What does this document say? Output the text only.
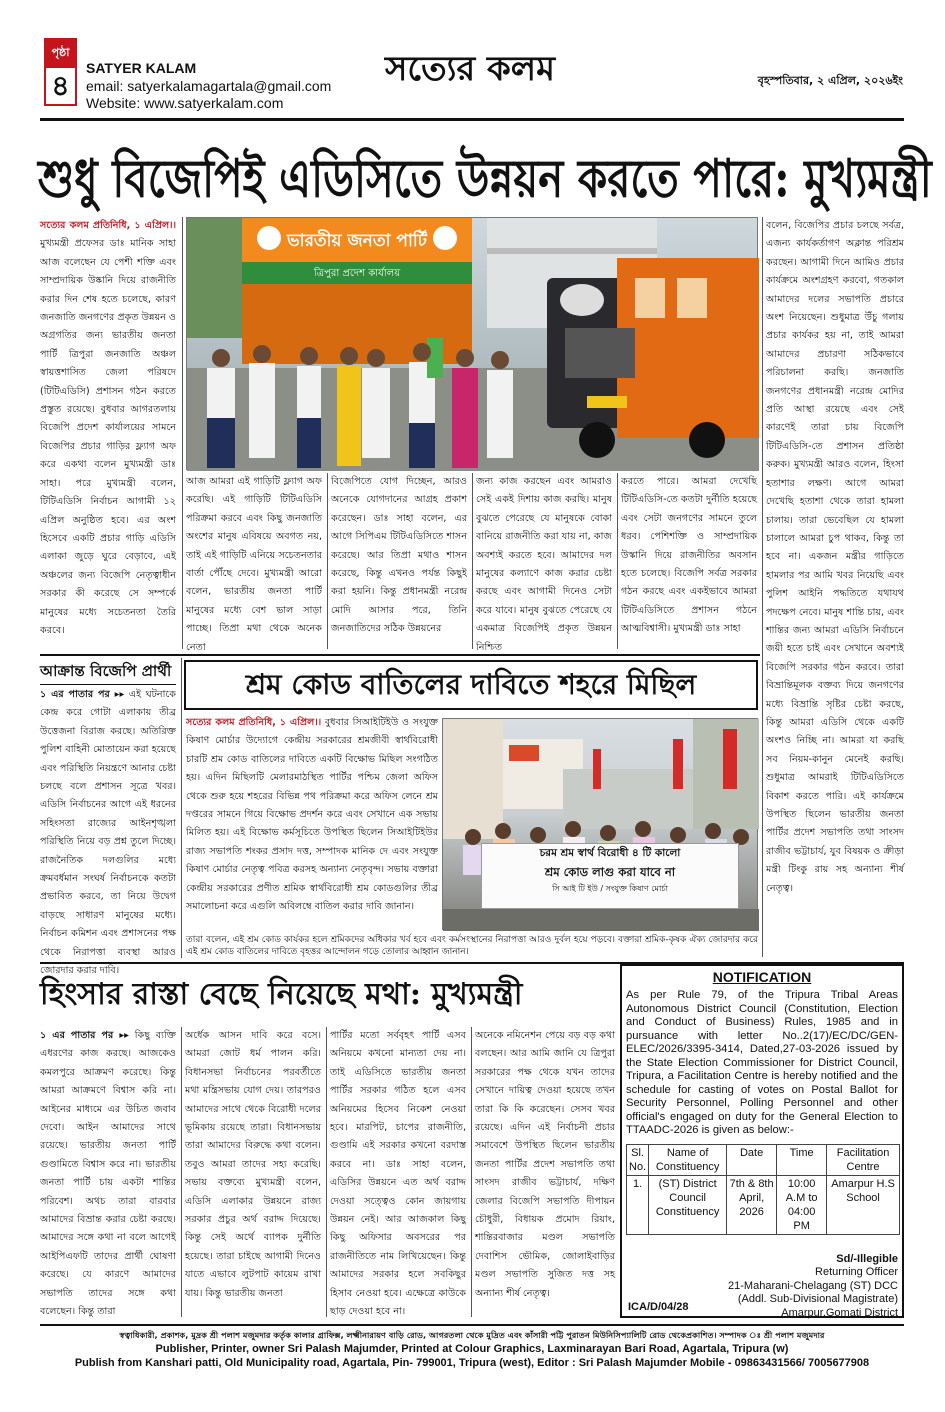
পৃষ্ঠা
৪
SATYER KALAM
email: satyerkalamagartala@gmail.com
Website: www.satyerkalam.com
সত্যের কলম	বৃহস্পতিবার, ২ এপ্রিল, ২০২৬ইং
শুধু বিজেপিই এডিসিতে উন্নয়ন করতে পারে: মুখ্যমন্ত্রী
সত্যের কলম প্রতিনিধি, ১ এপ্রিল।। মুখ্যমন্ত্রী প্রফেসর ডাঃ মানিক সাহা আজ বলেছেন যে পেশী শক্তি এবং সাম্প্রদায়িক উষ্কানি দিয়ে রাজনীতি করার দিন শেষ হতে চলেছে, কারণ জনজাতি জনগণের প্রকৃত উন্নয়ন ও অগ্রগতির জন্য ভারতীয় জনতা পার্টি ত্রিপুরা জনজাতি অঞ্চল স্বায়ত্তশাসিত জেলা পরিষদে (টিটিএডিসি) প্রশাসন গঠন করতে প্রস্তুত রয়েছে। বুধবার আগরতলায় বিজেপি প্রদেশ কার্যালয়ের সামনে বিজেপির প্রচার গাড়ির ফ্ল্যাগ অফ করে একথা বলেন মুখ্যমন্ত্রী ডাঃ সাহা। পরে মুখ্যমন্ত্রী বলেন, টিটিএডিসি নির্বাচন আগামী ১২ এপ্রিল অনুষ্ঠিত হবে। এর অংশ হিসেবে একটি প্রচার গাড়ি এডিসি এলাকা জুড়ে ঘুরে বেড়াবে, এই অঞ্চলের জন্য বিজেপি নেতৃত্বাধীন সরকার কী করেছে সে সম্পর্কে মানুষের মধ্যে সচেতনতা তৈরি করবে।
ভারতীয় জনতা পার্টি
ত্রিপুরা প্রদেশ কার্যালয়
আজ আমরা এই গাড়িটি ফ্ল্যাগ অফ করেছি। এই গাড়িটি টিটিএডিসি পরিক্রমা করবে এবং কিছু জনজাতি অংশের মানুষ এবিষয়ে অবগত নয়, তাই এই গাড়িটি এনিয়ে সচেতনতার বার্তা পৌঁছে দেবে। মুখ্যমন্ত্রী আরো বলেন, ভারতীয় জনতা পার্টি মানুষের মধ্যে বেশ ভাল সাড়া পাচ্ছে। তিপ্রা মথা থেকে অনেক নেতা
বিজেপিতে যোগ দিচ্ছেন, আরও অনেকে যোগদানের আগ্রহ প্রকাশ করেছেন। ডাঃ সাহা বলেন, এর আগে সিপিএম টিটিএডিসিতে শাসন করেছে। আর তিপ্রা মথাও শাসন করেছে, কিন্তু এখনও পর্যন্ত কিছুই করা হয়নি। কিন্তু প্রধানমন্ত্রী নরেন্দ্র মোদি আসার পরে, তিনি জনজাতিদের সঠিক উন্নয়নের
জন্য কাজ করছেন এবং আমরাও সেই একই দিশায় কাজ করছি। মানুষ বুঝতে পেরেছে যে মানুষকে বোকা বানিয়ে রাজনীতি করা যায় না, কাজ অবশ্যই করতে হবে। আমাদের দল মানুষের কল্যাণে কাজ করার চেষ্টা করছে এবং আগামী দিনেও সেটা করে যাবে। মানুষ বুঝতে পেরেছে যে একমাত্র বিজেপিই প্রকৃত উন্নয়ন নিশ্চিত
করতে পারে। আমরা দেখেছি টিটিএডিসি-তে কতটা দুর্নীতি হয়েছে এবং সেটা জনগণের সামনে তুলে ধরব। পেশিশক্তি ও সাম্প্রদায়িক উস্কানি দিয়ে রাজনীতির অবসান হতে চলেছে। বিজেপি সর্বত্র সরকার গঠন করছে এবং একইভাবে আমরা টিটিএডিসিতে প্রশাসন গঠনে আত্মবিশ্বাসী। মুখ্যমন্ত্রী ডাঃ সাহা
বলেন, বিজেপির প্রচার চলছে সর্বত্র, এজন্য কার্যকর্তাগণ অক্লান্ত পরিশ্রম করছেন। আগামী দিনে আমিও প্রচার কার্যক্রমে অংশগ্রহণ করবো, গতকাল আমাদের দলের সভাপতি প্রচারে অংশ নিয়েছেন। শুধুমাত্র উঁচু গলায় প্রচার কার্যকর হয় না, তাই আমরা আমাদের প্রচারণা সঠিকভাবে পরিচালনা করছি। জনজাতি জনগণের প্রধানমন্ত্রী নরেন্দ্র মোদির প্রতি আস্থা রয়েছে এবং সেই কারণেই তারা চায় বিজেপি টিটিএডিসি-তে প্রশাসন প্রতিষ্ঠা করুক। মুখ্যমন্ত্রী আরও বলেন, হিংসা হতাশার লক্ষণ। আগে আমরা দেখেছি হতাশা থেকে তারা হামলা চালায়। তারা ভেবেছিল যে হামলা চালালে আমরা চুপ থাকব, কিন্তু তা হবে না। একজন মন্ত্রীর গাড়িতে হামলার পর আমি খবর নিয়েছি এবং পুলিশ আইনি পদ্ধতিতে যথাযথ পদক্ষেপ নেবে। মানুষ শান্তি চায়, এবং শান্তির জন্য আমরা এডিসি নির্বাচনে জয়ী হতে চাই এবং সেখানে অবশ্যই বিজেপি সরকার গঠন করবে। তারা বিভ্রান্তিমূলক বক্তব্য দিয়ে জনগণের মধ্যে বিভ্রান্তি সৃষ্টির চেষ্টা করছে, কিন্তু আমরা এডিসি থেকে একটি অংশও নিচ্ছি না। আমরা যা করছি সব নিয়ম-কানুন মেনেই করছি। শুধুমাত্র আমরাই টিটিএডিসিতে বিকাশ করতে পারি। এই কার্যক্রমে উপস্থিত ছিলেন ভারতীয় জনতা পার্টির প্রদেশ সভাপতি তথা সাংসদ রাজীব ভট্টাচার্য, যুব বিষয়ক ও ক্রীড়া মন্ত্রী টিংকু রায় সহ অন্যান্য শীর্ষ নেতৃত্ব।
আক্রান্ত বিজেপি প্রার্থী
১ এর পাতার পর ▸▸ এই ঘটনাকে কেন্দ্র করে গোটা এলাকায় তীব্র উত্তেজনা বিরাজ করছে। অতিরিক্ত পুলিশ বাহিনী মোতায়েন করা হয়েছে এবং পরিস্থিতি নিয়ন্ত্রণে আনার চেষ্টা চলছে বলে প্রশাসন সূত্রে খবর। এডিসি নির্বাচনের আগে এই ধরনের সহিংসতা রাজ্যের আইনশৃঙ্খলা পরিস্থিতি নিয়ে বড় প্রশ্ন তুলে দিচ্ছে। রাজনৈতিক দলগুলির মধ্যে ক্রমবর্ধমান সংঘর্ষ নির্বাচনকে কতটা প্রভাবিত করবে, তা নিয়ে উদ্বেগ বাড়ছে সাধারণ মানুষের মধ্যে। নির্বাচন কমিশন এবং প্রশাসনের পক্ষ থেকে নিরাপত্তা ব্যবস্থা আরও জোরদার করার দাবি।
শ্রম কোড বাতিলের দাবিতে শহরে মিছিল
সত্যের কলম প্রতিনিধি, ১ এপ্রিল।। বুধবার সিআইটিইউ ও সংযুক্ত কিষাণ মোর্চার উদ্যোগে কেন্দ্রীয় সরকারের শ্রমজীবী স্বার্থবিরোধী চারটি শ্রম কোড বাতিলের দাবিতে একটি বিক্ষোভ মিছিল সংগঠিত হয়। এদিন মিছিলটি মেলারমাঠস্থিত পার্টির পশ্চিম জেলা অফিস থেকে শুরু হয়ে শহরের বিভিন্ন পথ পরিক্রমা করে অফিস লেনে শ্রম দপ্তরের সামনে গিয়ে বিক্ষোভ প্রদর্শন করে এবং সেখানে এক সভায় মিলিত হয়। এই বিক্ষোভ কর্মসূচিতে উপস্থিত ছিলেন সিআইটিইউর রাজ্য সভাপতি শংকর প্রসাদ দত্ত, সম্পাদক মানিক দে এবং সংযুক্ত কিষাণ মোর্চার নেতৃত্ব পবিত্র করসহ অন্যান্য নেতৃবৃন্দ। সভায় বক্তারা কেন্দ্রীয় সরকারের প্রণীত শ্রমিক স্বার্থবিরোধী শ্রম কোডগুলির তীব্র সমালোচনা করে এগুলি অবিলম্বে বাতিল করার দাবি জানান।
চরম শ্রম স্বার্থ বিরোধী ৪ টি কালো
শ্রম কোড লাগু করা যাবে না
সি আই টি ইউ / সংযুক্ত কিষাণ মোর্চা
তারা বলেন, এই শ্রম কোড কার্যকর হলে শ্রমিকদের অধিকার খর্ব হবে এবং কর্মসংস্থানের নিরাপত্তা আরও দুর্বল হয়ে পড়বে। বক্তারা শ্রমিক-কৃষক ঐক্য জোরদার করে এই শ্রম কোড বাতিলের দাবিতে বৃহত্তর আন্দোলন গড়ে তোলার আহ্বান জানান।
হিংসার রাস্তা বেছে নিয়েছে মথা: মুখ্যমন্ত্রী
১ এর পাতার পর ▸▸ কিছু ব্যক্তি এধরণের কাজ করছে। আজকেও কমলপুরে আক্রমণ করেছে। কিন্তু আমরা আক্রমণে বিশ্বাস করি না। আইনের মাধ্যমে এর উচিত জবাব দেবো। আইন আমাদের সাথে রয়েছে। ভারতীয় জনতা পার্টি গুণ্ডামিতে বিশ্বাস করে না। ভারতীয় জনতা পার্টি চায় একটা শান্তির পরিবেশ। অথচ তারা বারবার আমাদের বিভ্রান্ত করার চেষ্টা করছে। আমাদের সঙ্গে কথা না বলে আগেই আইপিএফটি তাদের প্রার্থী ঘোষণা করেছে। যে কারণে আমাদের সভাপতি তাদের সঙ্গে কথা বলেছেন। কিন্তু তারা
অর্ধেক আসন দাবি করে বসে। আমরা জোট ধর্ম পালন করি। বিধানসভা নির্বাচনের পরবর্তীতে মথা মন্ত্রিসভায় যোগ দেয়। তারপরও আমাদের সাথে থেকে বিরোধী দলের ভূমিকায় রয়েছে তারা। বিধানসভায় তারা আমাদের বিরুদ্ধে কথা বলেন। তবুও আমরা তাদের সহ্য করেছি। সভায় বক্তব্যে মুখ্যমন্ত্রী বলেন, এডিসি এলাকার উন্নয়নে রাজ্য সরকার প্রচুর অর্থ বরাদ্দ দিয়েছে। কিন্তু সেই অর্থে ব্যাপক দুর্নীতি হয়েছে। তারা চাইছে আগামী দিনেও যাতে এভাবে লুটপাট কায়েম রাখা যায়। কিন্তু ভারতীয় জনতা
পার্টির মতো সর্ববৃহৎ পার্টি এসব অনিয়মে কখনো মান্যতা দেয় না। তাই এডিসিতে ভারতীয় জনতা পার্টির সরকার গঠিত হলে এসব অনিয়মের হিসেব নিকেশ নেওয়া হবে। মারপিট, চাপের রাজনীতি, গুণ্ডামি এই সরকার কখনো বরদাস্ত করবে না। ডাঃ সাহা বলেন, এডিসির উন্নয়নে এত অর্থ বরাদ্দ দেওয়া সত্ত্বেও কোন জায়গায় উন্নয়ন নেই। আর আজকাল কিছু কিছু অফিসার অবসরের পর রাজনীতিতে নাম লিখিয়েছেন। কিন্তু আমাদের সরকার হলে সবকিছুর হিসাব নেওয়া হবে। এক্ষেত্রে কাউকে ছাড় দেওয়া হবে না।
অনেকে নমিনেশন পেয়ে বড় বড় কথা বলছেন। আর আমি জানি যে ত্রিপুরা সরকারের পক্ষ থেকে যখন তাদের সেখানে দায়িত্ব দেওয়া হয়েছে তখন তারা কি কি করেছেন। সেসব খবর রয়েছে। এদিন এই নির্বাচনী প্রচার সমাবেশে উপস্থিত ছিলেন ভারতীয় জনতা পার্টির প্রদেশ সভাপতি তথা সাংসদ রাজীব ভট্টাচার্য, দক্ষিণ জেলার বিজেপি সভাপতি দীপায়ন চৌধুরী, বিধায়ক প্রমোদ রিয়াং, শান্তিরবাজার মণ্ডল সভাপতি দেবাশিস ভৌমিক, জোলাইবাড়ির মণ্ডল সভাপতি সুজিত দত্ত সহ অন্যান্য শীর্ষ নেতৃত্ব।
NOTIFICATION
As per Rule 79, of the Tripura Tribal Areas Autonomous District Council (Constitution, Election and Conduct of Business) Rules, 1985 and in pursuance with letter No..2(17)/EC/DC/GEN-ELEC/2026/3395-3414, Dated,27-03-2026 issued by the State Election Commissioner for District Council, Tripura, a Facilitation Centre is hereby notified and the schedule for casting of votes on Postal Ballot for Security Personnel, Polling Personnel and other official's engaged on duty for the General Election to TTAADC-2026 is given as below:-
Sl. No.	Name of Constituency	Date	Time	Facilitation Centre
1.	(ST) District Council Constituency	7th & 8th April, 2026	10:00 A.M to 04:00 PM	Amarpur H.S School
Sd/-Illegible
Returning Officer
21-Maharani-Chelagang (ST) DCC
(Addl. Sub-Divisional Magistrate)
Amarpur,Gomati District
ICA/D/04/28
স্বত্বাধিকারী, প্রকাশক, মুদ্রক শ্রী পলাশ মজুমদার কর্তৃক কালার গ্রাফিক্স, লক্ষ্মীনারায়ণ বাড়ি রোড, আগরতলা থেকে মুদ্রিত এবং কাঁসারী পট্টি পুরাতন মিউনিসিপ্যালিটি রোড থেকেপ্রকাশিত। সম্পাদক ঃ শ্রী পলাশ মজুমদার
Publisher, Printer, owner Sri Palash Majumder, Printed at Colour Graphics, Laxminarayan Bari Road, Agartala, Tripura (w)
Publish from Kanshari patti, Old Municipality road, Agartala, Pin- 799001, Tripura (west), Editor : Sri Palash Majumder Mobile - 09863431566/ 7005677908
